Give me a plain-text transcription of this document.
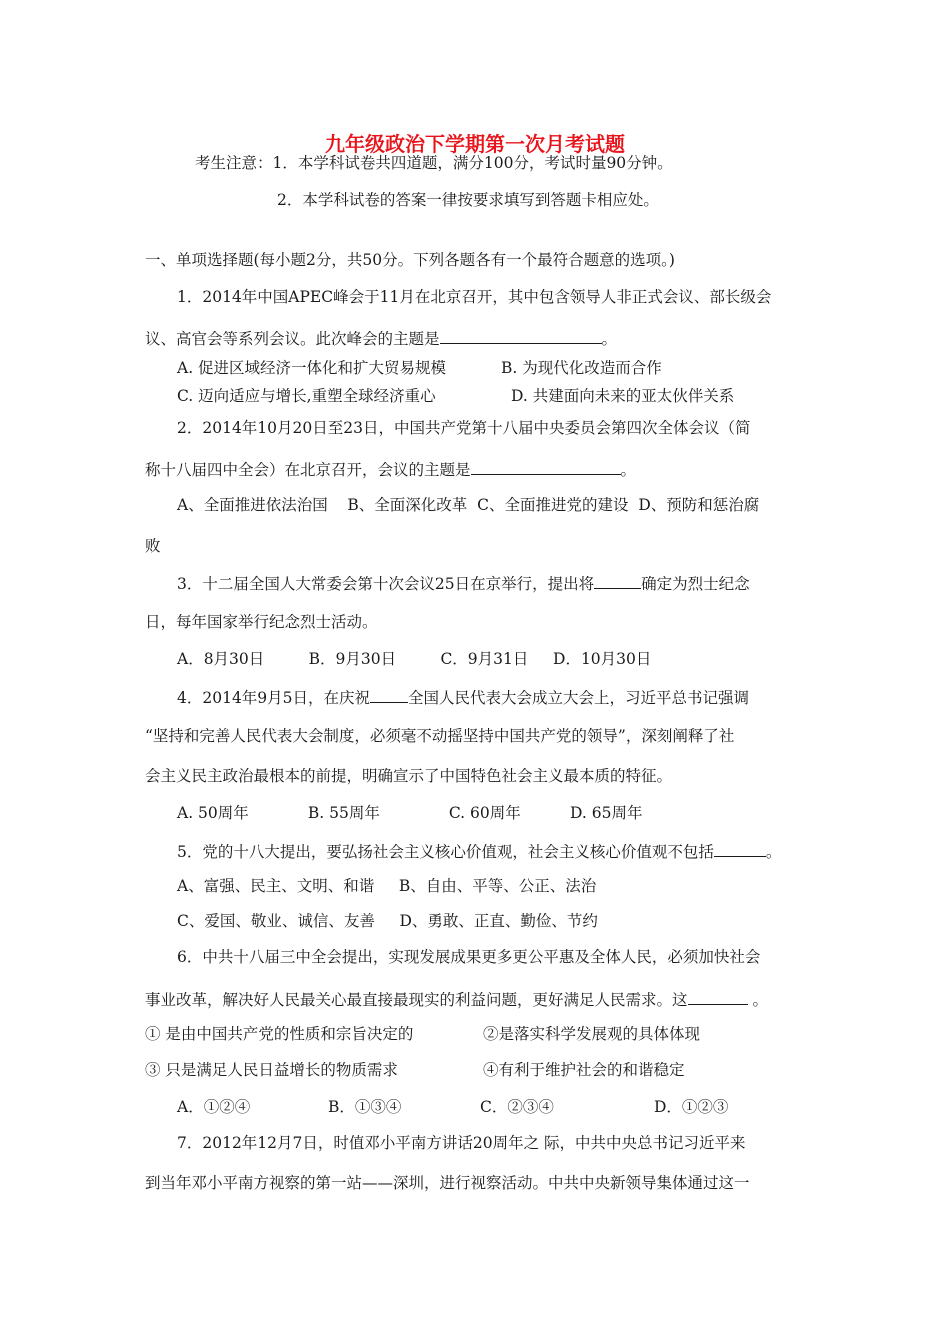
九年级政治下学期第一次月考试题
考生注意：1．本学科试卷共四道题，满分100分，考试时量90分钟。
2．本学科试卷的答案一律按要求填写到答题卡相应处。
一、单项选择题(每小题2分，共50分。下列各题各有一个最符合题意的选项。)
1．2014年中国APEC峰会于11月在北京召开，其中包含领导人非正式会议、部长级会
议、高官会等系列会议。此次峰会的主题是	。
A. 促进区域经济一体化和扩大贸易规模	B. 为现代化改造而合作
C. 迈向适应与增长,重塑全球经济重心	D. 共建面向未来的亚太伙伴关系
2．2014年10月20日至23日，中国共产党第十八届中央委员会第四次全体会议（简
称十八届四中全会）在北京召开，会议的主题是	。
A、全面推进依法治国    B、全面深化改革  C、全面推进党的建设  D、预防和惩治腐
败
3．十二届全国人大常委会第十次会议25日在京举行，提出将	确定为烈士纪念
日，每年国家举行纪念烈士活动。
A．8月30日         B．9月30日         C．9月31日     D．10月30日
4．2014年9月5日，在庆祝 全国人民代表大会成立大会上，习近平总书记强调
“坚持和完善人民代表大会制度，必须毫不动摇坚持中国共产党的领导”，深刻阐释了社
会主义民主政治最根本的前提，明确宣示了中国特色社会主义最本质的特征。
A. 50周年            B. 55周年              C. 60周年          D. 65周年
5．党的十八大提出，要弘扬社会主义核心价值观，社会主义核心价值观不包括	。
A、富强、民主、文明、和谐     B、自由、平等、公正、法治
C、爱国、敬业、诚信、友善     D、勇敢、正直、勤俭、节约
6．中共十八届三中全会提出，实现发展成果更多更公平惠及全体人民，必须加快社会
事业改革，解决好人民最关心最直接最现实的利益问题，更好满足人民需求。这	。
① 是由中国共产党的性质和宗旨决定的	②是落实科学发展观的具体体现
③ 只是满足人民日益增长的物质需求	④有利于维护社会的和谐稳定
A．①②④	B．①③④	C．②③④	D．①②③
7．2012年12月7日，时值邓小平南方讲话20周年之 际，中共中央总书记习近平来
到当年邓小平南方视察的第一站——深圳，进行视察活动。中共中央新领导集体通过这一
